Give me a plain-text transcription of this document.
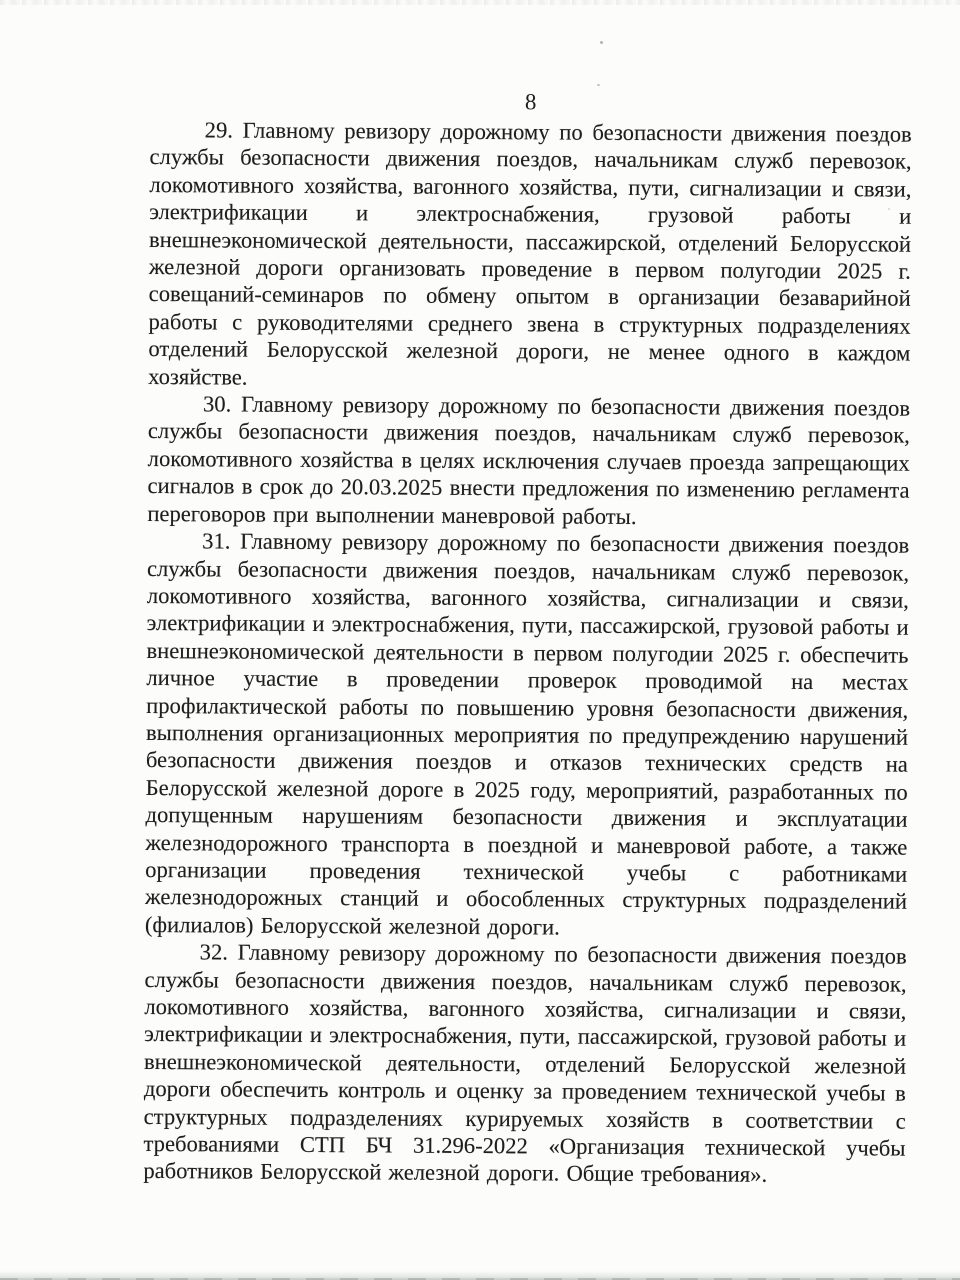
8

29. Главному ревизору дорожному по безопасности движения поездов службы безопасности движения поездов, начальникам служб перевозок, локомотивного хозяйства, вагонного хозяйства, пути, сигнализации и связи, электрификации и электроснабжения, грузовой работы и внешнеэкономической деятельности, пассажирской, отделений Белорусской железной дороги организовать проведение в первом полугодии 2025 г. совещаний-семинаров по обмену опытом в организации безаварийной работы с руководителями среднего звена в структурных подразделениях отделений Белорусской железной дороги, не менее одного в каждом хозяйстве.

30. Главному ревизору дорожному по безопасности движения поездов службы безопасности движения поездов, начальникам служб перевозок, локомотивного хозяйства в целях исключения случаев проезда запрещающих сигналов в срок до 20.03.2025 внести предложения по изменению регламента переговоров при выполнении маневровой работы.

31. Главному ревизору дорожному по безопасности движения поездов службы безопасности движения поездов, начальникам служб перевозок, локомотивного хозяйства, вагонного хозяйства, сигнализации и связи, электрификации и электроснабжения, пути, пассажирской, грузовой работы и внешнеэкономической деятельности в первом полугодии 2025 г. обеспечить личное участие в проведении проверок проводимой на местах профилактической работы по повышению уровня безопасности движения, выполнения организационных мероприятия по предупреждению нарушений безопасности движения поездов и отказов технических средств на Белорусской железной дороге в 2025 году, мероприятий, разработанных по допущенным нарушениям безопасности движения и эксплуатации железнодорожного транспорта в поездной и маневровой работе, а также организации проведения технической учебы с работниками железнодорожных станций и обособленных структурных подразделений (филиалов) Белорусской железной дороги.

32. Главному ревизору дорожному по безопасности движения поездов службы безопасности движения поездов, начальникам служб перевозок, локомотивного хозяйства, вагонного хозяйства, сигнализации и связи, электрификации и электроснабжения, пути, пассажирской, грузовой работы и внешнеэкономической деятельности, отделений Белорусской железной дороги обеспечить контроль и оценку за проведением технической учебы в структурных подразделениях курируемых хозяйств в соответствии с требованиями СТП БЧ 31.296-2022 «Организация технической учебы работников Белорусской железной дороги. Общие требования».
